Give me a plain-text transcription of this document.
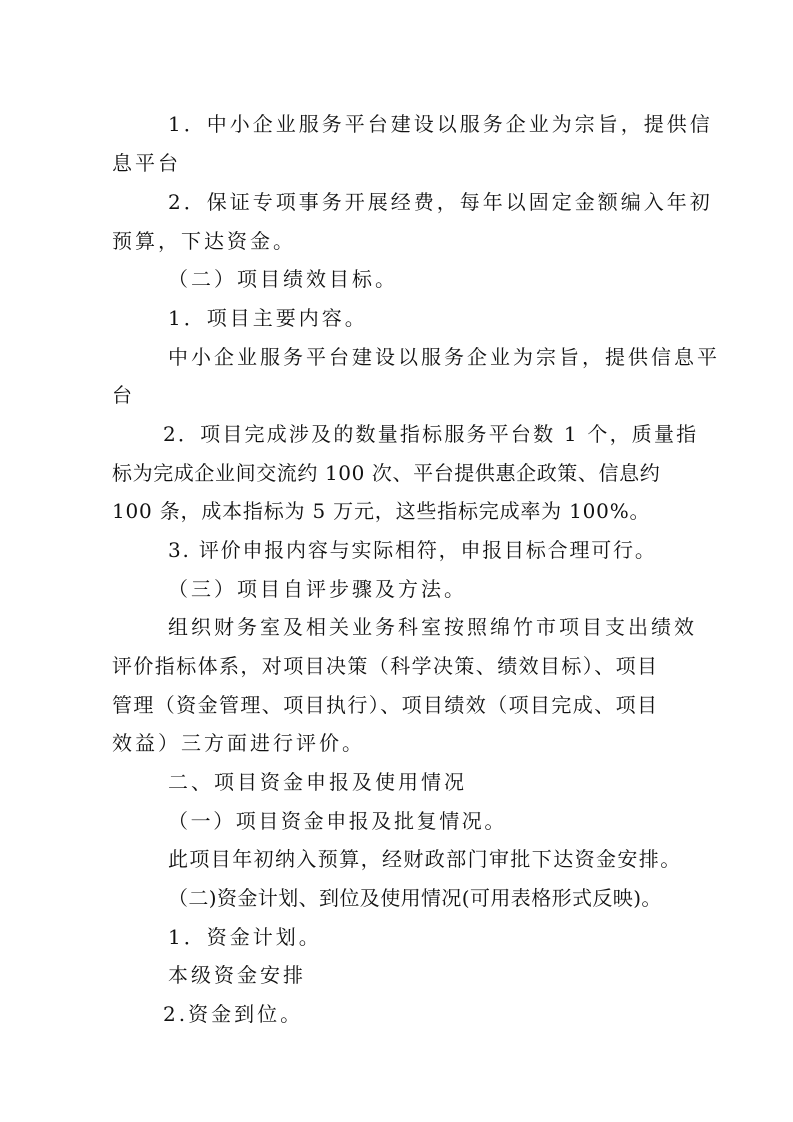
1．中小企业服务平台建设以服务企业为宗旨，提供信
息平台
2．保证专项事务开展经费，每年以固定金额编入年初
预算，下达资金。
（二）项目绩效目标。
1．项目主要内容。
中小企业服务平台建设以服务企业为宗旨，提供信息平
台
2．项目完成涉及的数量指标服务平台数 1 个，质量指
标为完成企业间交流约 100 次、平台提供惠企政策、信息约
100 条，成本指标为 5 万元，这些指标完成率为 100%。
3. 评价申报内容与实际相符，申报目标合理可行。
（三）项目自评步骤及方法。
组织财务室及相关业务科室按照绵竹市项目支出绩效
评价指标体系，对项目决策（科学决策、绩效目标）、项目
管理（资金管理、项目执行）、项目绩效（项目完成、项目
效益）三方面进行评价。
二、项目资金申报及使用情况
（一）项目资金申报及批复情况。
此项目年初纳入预算，经财政部门审批下达资金安排。
（二)资金计划、到位及使用情况(可用表格形式反映)。
1．资金计划。
本级资金安排
2.资金到位。
